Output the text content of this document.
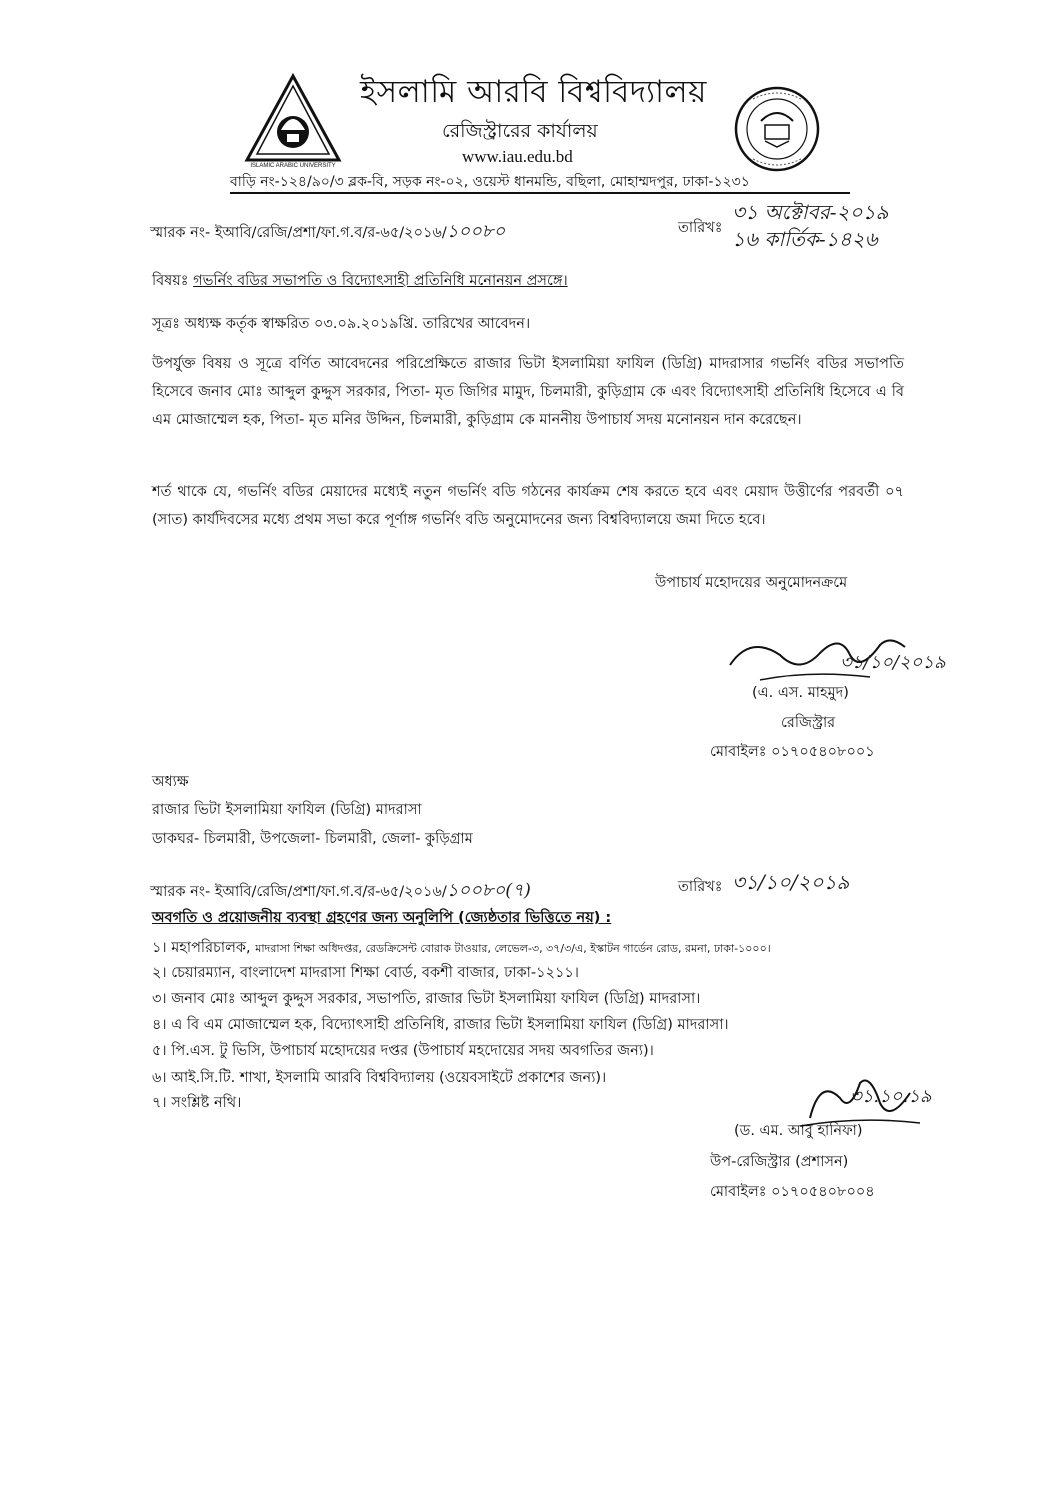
ISLAMIC ARABIC UNIVERSITY
ইসলামি আরবি বিশ্ববিদ্যালয়
রেজিস্ট্রারের কার্যালয়
www.iau.edu.bd
বাড়ি নং-১২৪/৯০/৩ ব্লক-বি, সড়ক নং-০২, ওয়েস্ট ধানমন্ডি, বছিলা, মোহাম্মদপুর, ঢাকা-১২৩১
স্মারক নং- ইআবি/রেজি/প্রশা/ফা.গ.ব/র-৬৫/২০১৬/১০০৮০	তারিখঃ
৩১ অক্টোবর-২০১৯
১৬ কার্তিক-১৪২৬
বিষয়ঃ গভর্নিং বডির সভাপতি ও বিদ্যোৎসাহী প্রতিনিধি মনোনয়ন প্রসঙ্গে।
সূত্রঃ অধ্যক্ষ কর্তৃক স্বাক্ষরিত ০৩.০৯.২০১৯খ্রি. তারিখের আবেদন।
উপর্যুক্ত বিষয় ও সূত্রে বর্ণিত আবেদনের পরিপ্রেক্ষিতে রাজার ভিটা ইসলামিয়া ফাযিল (ডিগ্রি) মাদরাসার গভর্নিং বডির সভাপতি হিসেবে জনাব মোঃ আব্দুল কুদ্দুস সরকার, পিতা- মৃত জিগির মামুদ, চিলমারী, কুড়িগ্রাম কে এবং বিদ্যোৎসাহী প্রতিনিধি হিসেবে এ বি এম মোজাম্মেল হক, পিতা- মৃত মনির উদ্দিন, চিলমারী, কুড়িগ্রাম কে মাননীয় উপাচার্য সদয় মনোনয়ন দান করেছেন।
শর্ত থাকে যে, গভর্নিং বডির মেয়াদের মধ্যেই নতুন গভর্নিং বডি গঠনের কার্যক্রম শেষ করতে হবে এবং মেয়াদ উত্তীর্ণের পরবর্তী ০৭ (সাত) কার্যদিবসের মধ্যে প্রথম সভা করে পূর্ণাঙ্গ গভর্নিং বডি অনুমোদনের জন্য বিশ্ববিদ্যালয়ে জমা দিতে হবে।
উপাচার্য মহোদয়ের অনুমোদনক্রমে
৩১/১০/২০১৯
(এ. এস. মাহমুদ)
রেজিস্ট্রার
মোবাইলঃ ০১৭০৫৪০৮০০১
অধ্যক্ষ
রাজার ভিটা ইসলামিয়া ফাযিল (ডিগ্রি) মাদরাসা
ডাকঘর- চিলমারী, উপজেলা- চিলমারী, জেলা- কুড়িগ্রাম
স্মারক নং- ইআবি/রেজি/প্রশা/ফা.গ.ব/র-৬৫/২০১৬/১০০৮০(৭)	তারিখঃ ৩১/১০/২০১৯
অবগতি ও প্রয়োজনীয় ব্যবস্থা গ্রহণের জন্য অনুলিপি (জ্যেষ্ঠতার ভিত্তিতে নয়) :
১। মহাপরিচালক, মাদরাসা শিক্ষা অধিদপ্তর, রেডক্রিসেন্ট বোরাক টাওয়ার, লেভেল-৩, ৩৭/৩/এ, ইস্কাটন গার্ডেন রোড, রমনা, ঢাকা-১০০০।
২। চেয়ারম্যান, বাংলাদেশ মাদরাসা শিক্ষা বোর্ড, বকশী বাজার, ঢাকা-১২১১।
৩। জনাব মোঃ আব্দুল কুদ্দুস সরকার, সভাপতি, রাজার ভিটা ইসলামিয়া ফাযিল (ডিগ্রি) মাদরাসা।
৪। এ বি এম মোজাম্মেল হক, বিদ্যোৎসাহী প্রতিনিধি, রাজার ভিটা ইসলামিয়া ফাযিল (ডিগ্রি) মাদরাসা।
৫। পি.এস. টু ভিসি, উপাচার্য মহোদয়ের দপ্তর (উপাচার্য মহদোয়ের সদয় অবগতির জন্য)।
৬। আই.সি.টি. শাখা, ইসলামি আরবি বিশ্ববিদ্যালয় (ওয়েবসাইটে প্রকাশের জন্য)।
৭। সংশ্লিষ্ট নথি।	৩১.১০.১৯
(ড. এম. আবু হানিফা)
উপ-রেজিস্ট্রার (প্রশাসন)
মোবাইলঃ ০১৭০৫৪০৮০০৪
